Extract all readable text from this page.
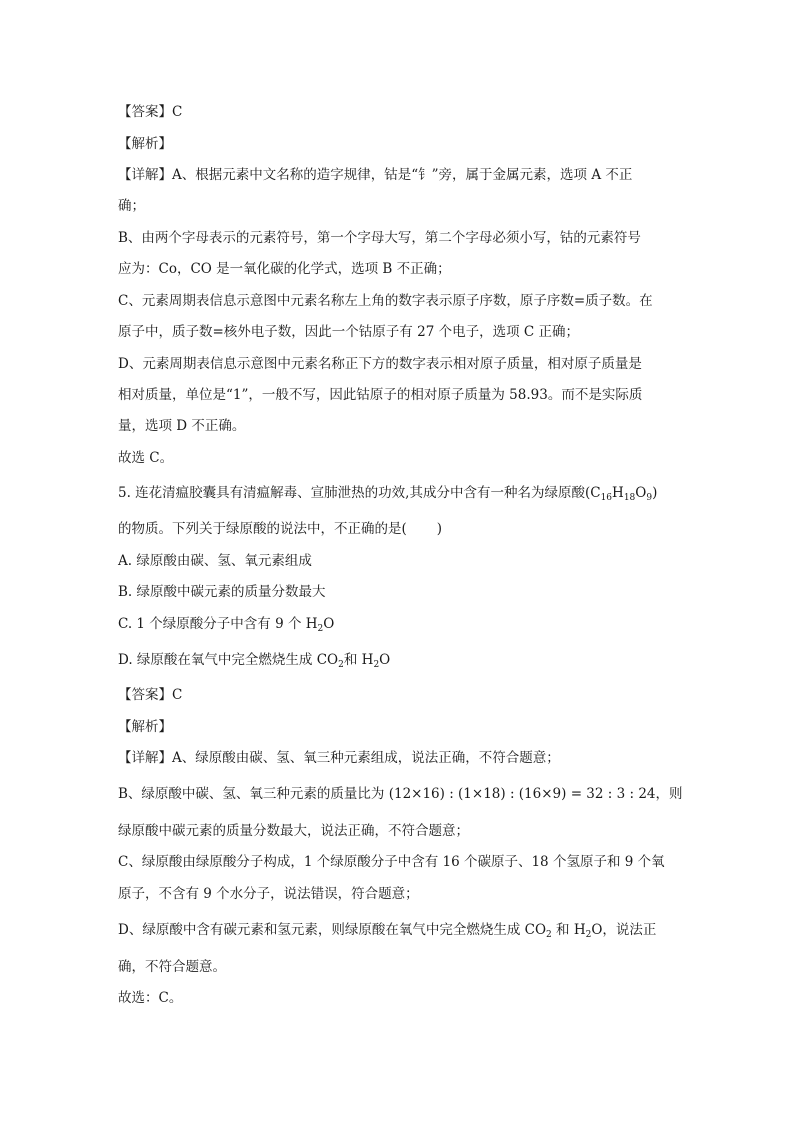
【答案】C
【解析】
【详解】A、根据元素中文名称的造字规律，钴是“钅”旁，属于金属元素，选项 A 不正
确；
B、由两个字母表示的元素符号，第一个字母大写，第二个字母必须小写，钴的元素符号
应为：Co，CO 是一氧化碳的化学式，选项 B 不正确；
C、元素周期表信息示意图中元素名称左上角的数字表示原子序数，原子序数=质子数。在
原子中，质子数=核外电子数，因此一个钴原子有 27 个电子，选项 C 正确；
D、元素周期表信息示意图中元素名称正下方的数字表示相对原子质量，相对原子质量是
相对质量，单位是“1”，一般不写，因此钴原子的相对原子质量为 58.93。而不是实际质
量，选项 D 不正确。
故选 C。
5. 连花清瘟胶囊具有清瘟解毒、宣肺泄热的功效,其成分中含有一种名为绿原酸$(C_{16}H_{18}O_9)$
的物质。下列关于绿原酸的说法中，不正确的是( )
A. 绿原酸由碳、氢、氧元素组成
B. 绿原酸中碳元素的质量分数最大
C. 1 个绿原酸分子中含有 9 个 $H_2O$
D. 绿原酸在氧气中完全燃烧生成 $CO_2$和 $H_2O$
【答案】C
【解析】
【详解】A、绿原酸由碳、氢、氧三种元素组成，说法正确，不符合题意；
B、绿原酸中碳、氢、氧三种元素的质量比为 (12×16) : (1×18) : (16×9) = 32 : 3 : 24，则
绿原酸中碳元素的质量分数最大，说法正确，不符合题意；
C、绿原酸由绿原酸分子构成，1 个绿原酸分子中含有 16 个碳原子、18 个氢原子和 9 个氧
原子，不含有 9 个水分子，说法错误，符合题意；
D、绿原酸中含有碳元素和氢元素，则绿原酸在氧气中完全燃烧生成 $CO_2$ 和 $H_2O$，说法正
确，不符合题意。
故选：C。
